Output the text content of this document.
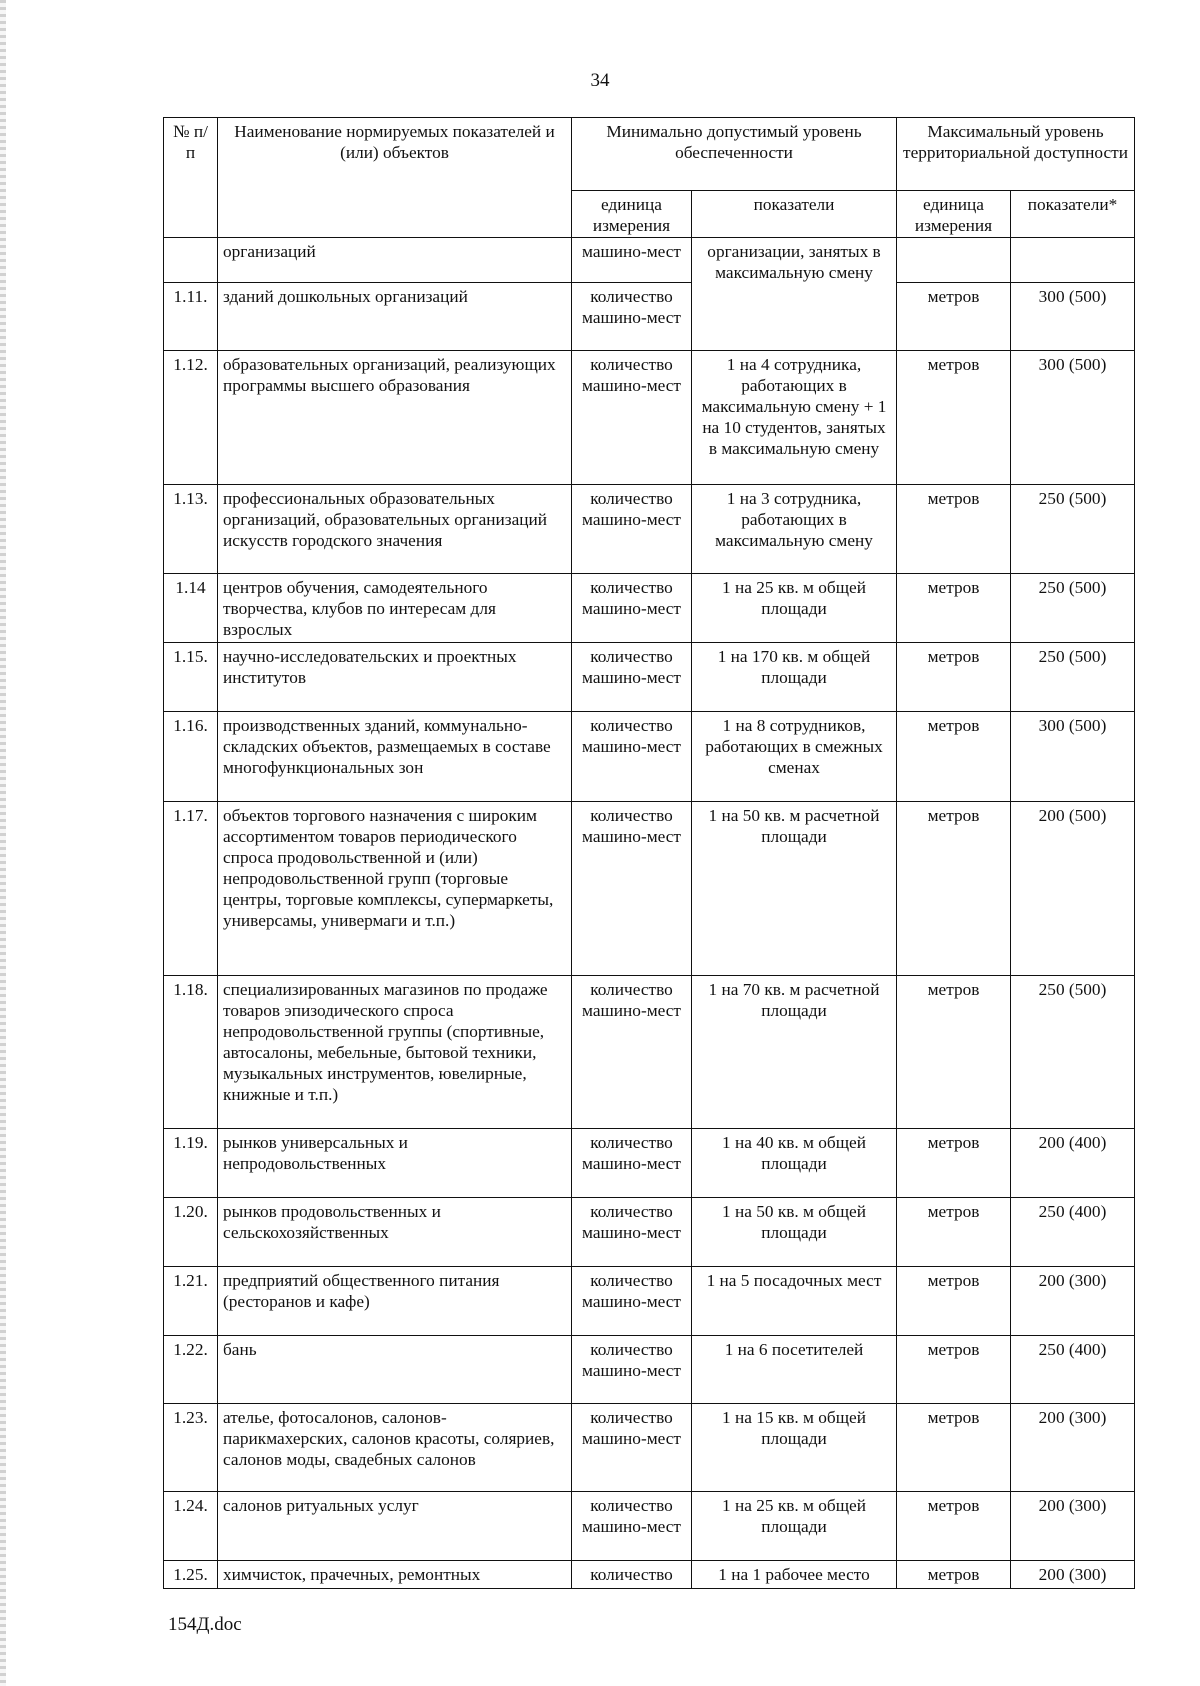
34
№ п/п	Наименование нормируемых показателей и (или) объектов	Минимально допустимый уровень обеспеченности		Максимальный уровень территориальной доступности	
		единица измерения	показатели	единица измерения	показатели*
	организаций	машино-мест	организации, занятых в максимальную смену		
1.11.	зданий дошкольных организаций	количество машино-мест		метров	300 (500)
1.12.	образовательных организаций, реализующих программы высшего образования	количество машино-мест	1 на 4 сотрудника, работающих в максимальную смену + 1 на 10 студентов, занятых в максимальную смену	метров	300 (500)
1.13.	профессиональных образовательных организаций, образовательных организаций искусств городского значения	количество машино-мест	1 на 3 сотрудника, работающих в максимальную смену	метров	250 (500)
1.14	центров обучения, самодеятельного творчества, клубов по интересам для взрослых	количество машино-мест	1 на 25 кв. м общей площади	метров	250 (500)
1.15.	научно-исследовательских и проектных институтов	количество машино-мест	1 на 170 кв. м общей площади	метров	250 (500)
1.16.	производственных зданий, коммунально-складских объектов, размещаемых в составе многофункциональных зон	количество машино-мест	1 на 8 сотрудников, работающих в смежных сменах	метров	300 (500)
1.17.	объектов торгового назначения с широким ассортиментом товаров периодического спроса продовольственной и (или) непродовольственной групп (торговые центры, торговые комплексы, супермаркеты, универсамы, универмаги и т.п.)	количество машино-мест	1 на 50 кв. м расчетной площади	метров	200 (500)
1.18.	специализированных магазинов по продаже товаров эпизодического спроса непродовольственной группы (спортивные, автосалоны, мебельные, бытовой техники, музыкальных инструментов, ювелирные, книжные и т.п.)	количество машино-мест	1 на 70 кв. м расчетной площади	метров	250 (500)
1.19.	рынков универсальных и непродовольственных	количество машино-мест	1 на 40 кв. м общей площади	метров	200 (400)
1.20.	рынков продовольственных и сельскохозяйственных	количество машино-мест	1 на 50 кв. м общей площади	метров	250 (400)
1.21.	предприятий общественного питания (ресторанов и кафе)	количество машино-мест	1 на 5 посадочных мест	метров	200 (300)
1.22.	бань	количество машино-мест	1 на 6 посетителей	метров	250 (400)
1.23.	ателье, фотосалонов, салонов-парикмахерских, салонов красоты, соляриев, салонов моды, свадебных салонов	количество машино-мест	1 на 15 кв. м общей площади	метров	200 (300)
1.24.	салонов ритуальных услуг	количество машино-мест	1 на 25 кв. м общей площади	метров	200 (300)
1.25.	химчисток, прачечных, ремонтных	количество	1 на 1 рабочее место	метров	200 (300)
154Д.doc
